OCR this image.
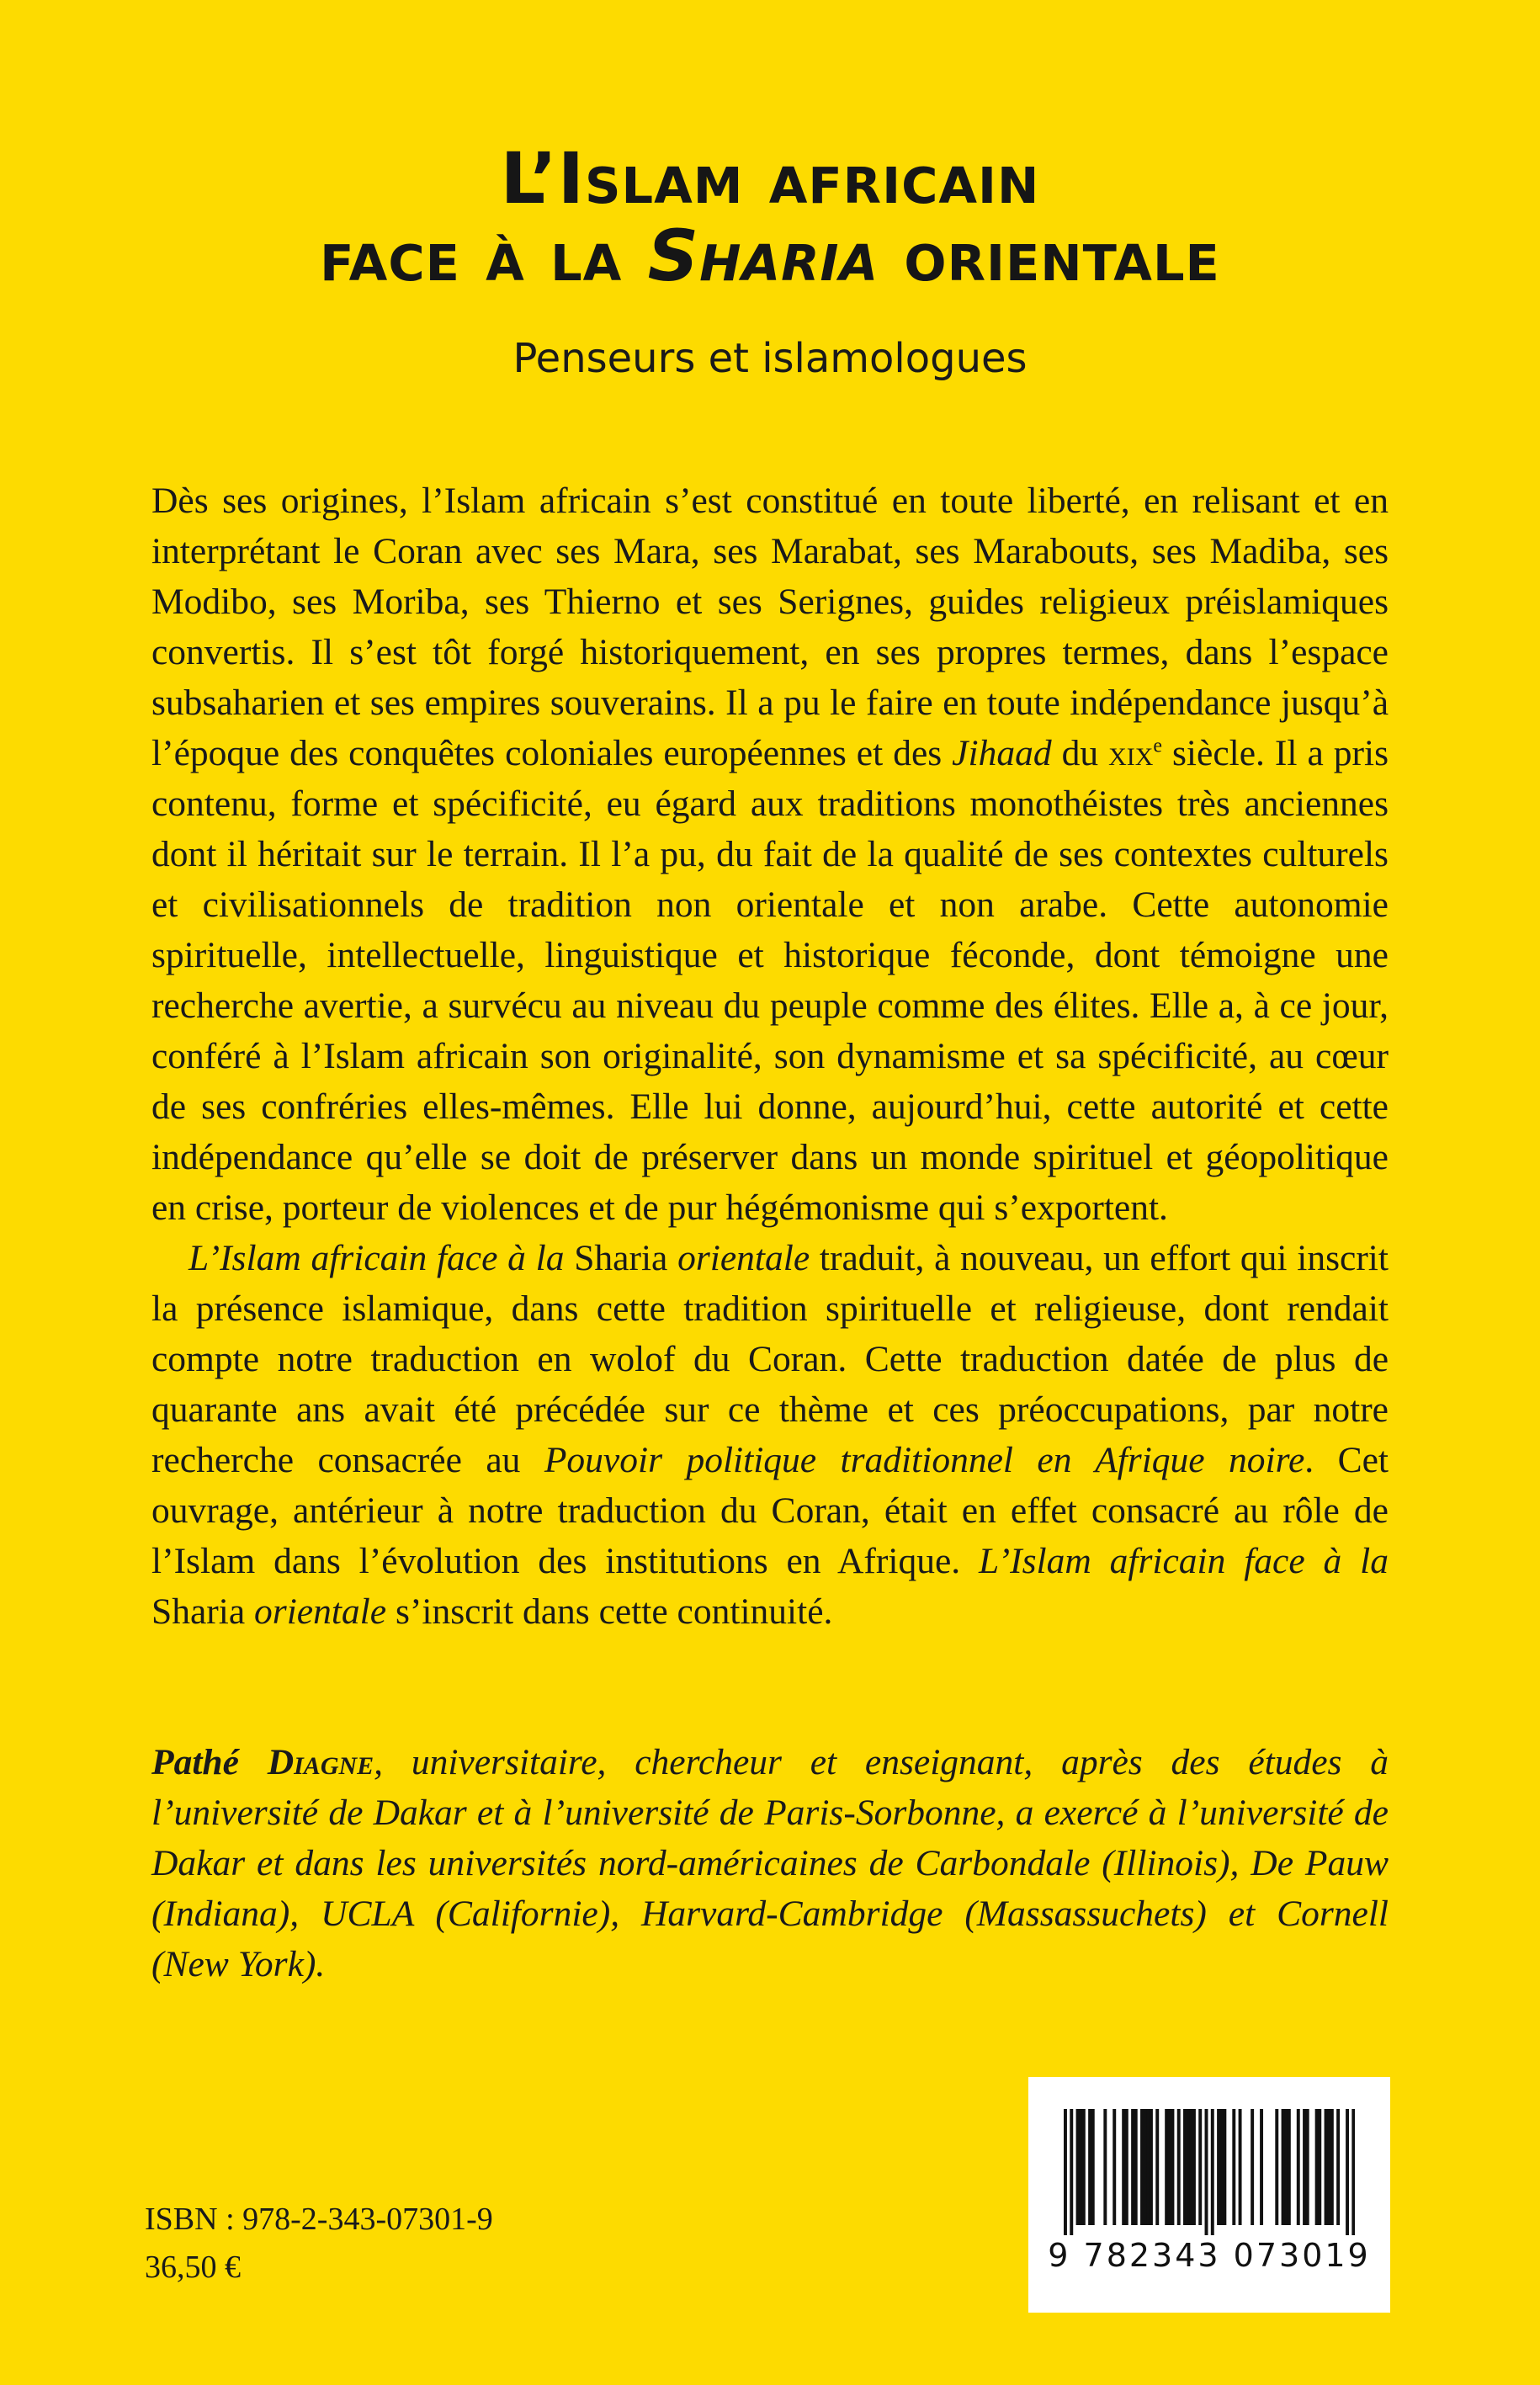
L’Islam africain
face à la Sharia orientale
Penseurs et islamologues

Dès ses origines, l’Islam africain s’est constitué en toute liberté, en relisant et en interprétant le Coran avec ses Mara, ses Marabat, ses Marabouts, ses Madiba, ses Modibo, ses Moriba, ses Thierno et ses Serignes, guides religieux préislamiques convertis. Il s’est tôt forgé historiquement, en ses propres termes, dans l’espace subsaharien et ses empires souverains. Il a pu le faire en toute indépendance jusqu’à l’époque des conquêtes coloniales européennes et des Jihaad du xix$^e$ siècle. Il a pris contenu, forme et spécificité, eu égard aux traditions monothéistes très anciennes dont il héritait sur le terrain. Il l’a pu, du fait de la qualité de ses contextes culturels et civilisationnels de tradition non orientale et non arabe. Cette autonomie spirituelle, intellectuelle, linguistique et historique féconde, dont témoigne une recherche avertie, a survécu au niveau du peuple comme des élites. Elle a, à ce jour, conféré à l’Islam africain son originalité, son dynamisme et sa spécificité, au cœur de ses confréries elles-mêmes. Elle lui donne, aujourd’hui, cette autorité et cette indépendance qu’elle se doit de préserver dans un monde spirituel et géopolitique en crise, porteur de violences et de pur hégémonisme qui s’exportent.

L’Islam africain face à la Sharia orientale traduit, à nouveau, un effort qui inscrit la présence islamique, dans cette tradition spirituelle et religieuse, dont rendait compte notre traduction en wolof du Coran. Cette traduction datée de plus de quarante ans avait été précédée sur ce thème et ces préoccupations, par notre recherche consacrée au Pouvoir politique traditionnel en Afrique noire. Cet ouvrage, antérieur à notre traduction du Coran, était en effet consacré au rôle de l’Islam dans l’évolution des institutions en Afrique. L’Islam africain face à la Sharia orientale s’inscrit dans cette continuité.

Pathé Diagne, universitaire, chercheur et enseignant, après des études à l’université de Dakar et à l’université de Paris-Sorbonne, a exercé à l’université de Dakar et dans les universités nord-américaines de Carbondale (Illinois), De Pauw (Indiana), UCLA (Californie), Harvard-Cambridge (Massassuchets) et Cornell (New York).

9 782343 073019
ISBN : 978-2-343-07301-9
36,50 €
